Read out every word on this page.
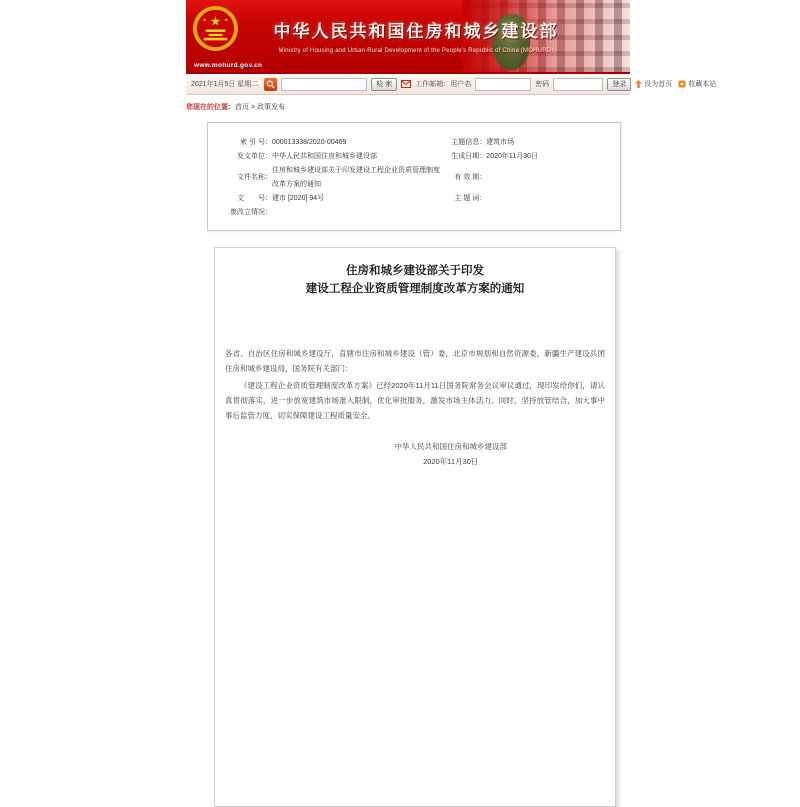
★
★	★
中华人民共和国住房和城乡建设部
Ministry of Housing and Urban-Rural Development of the People's Republic of China (MOHURD)
www.mohurd.gov.cn
2021年1月5日 星期二	检 索	工作邮箱：用户名	密码	登录	设为首页 收藏本站
您现在的位置：首页 > 政策发布
索 引 号： 000013338/2020-00469	主题信息： 建筑市场
发文单位： 中华人民共和国住房和城乡建设部	生成日期： 2020年11月30日
文件名称：
住房和城乡建设部关于印发建设工程企业资质管理制度改革方案的通知
有 效 期：
文　　号： 建市 [2020] 94号	主 题 词：
废改立情况：
住房和城乡建设部关于印发
建设工程企业资质管理制度改革方案的通知

各省、自治区住房和城乡建设厅，直辖市住房和城乡建设（管）委，北京市规划和自然资源委，新疆生产建设兵团住房和城乡建设局，国务院有关部门：

《建设工程企业资质管理制度改革方案》已经2020年11月11日国务院常务会议审议通过，现印发给你们，请认真贯彻落实，进一步放宽建筑市场准入限制，优化审批服务，激发市场主体活力。同时，坚持放管结合，加大事中事后监管力度，切实保障建设工程质量安全。

中华人民共和国住房和城乡建设部
2020年11月30日
